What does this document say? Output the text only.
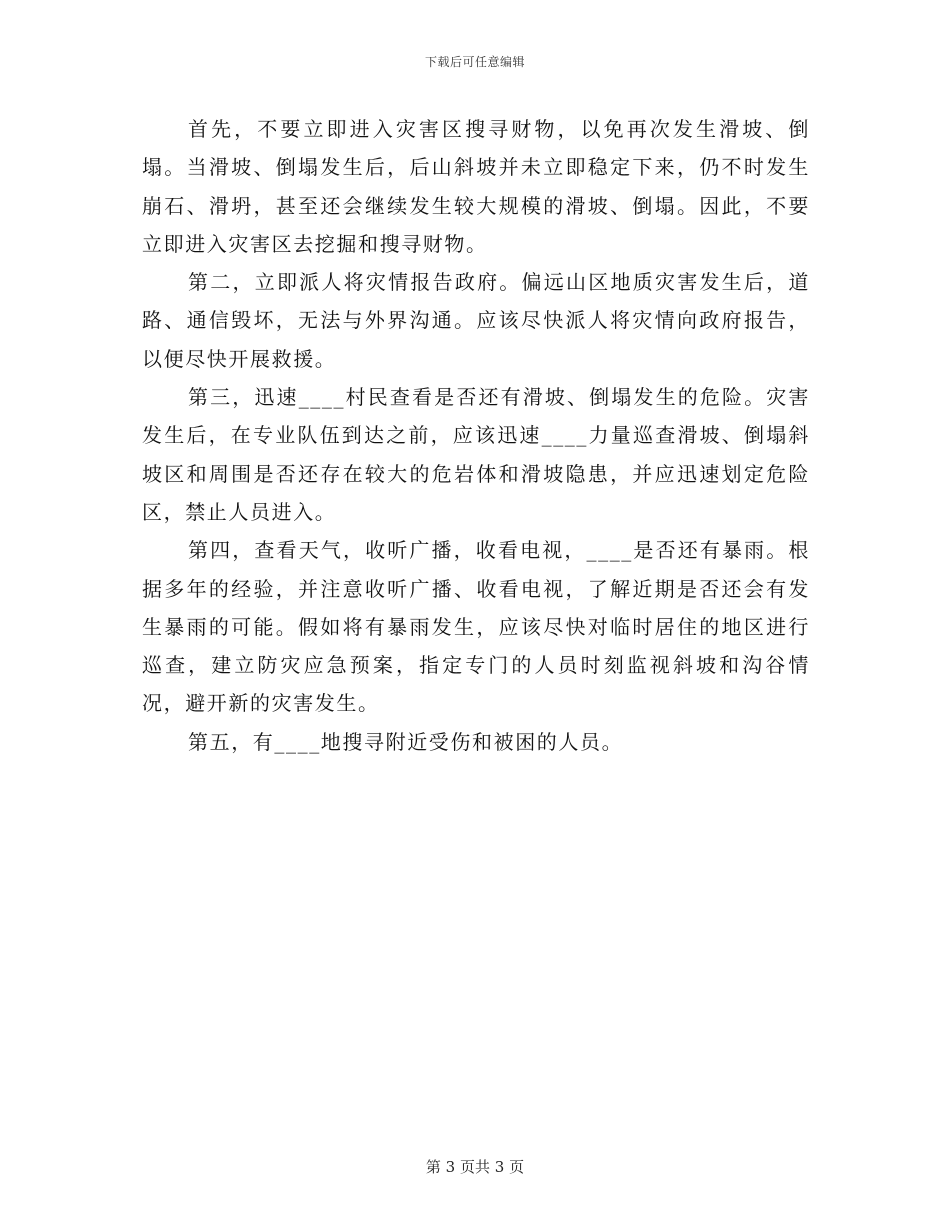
下载后可任意编辑

首先，不要立即进入灾害区搜寻财物，以免再次发生滑坡、倒塌。当滑坡、倒塌发生后，后山斜坡并未立即稳定下来，仍不时发生崩石、滑坍，甚至还会继续发生较大规模的滑坡、倒塌。因此，不要立即进入灾害区去挖掘和搜寻财物。

第二，立即派人将灾情报告政府。偏远山区地质灾害发生后，道路、通信毁坏，无法与外界沟通。应该尽快派人将灾情向政府报告，以便尽快开展救援。

第三，迅速____村民查看是否还有滑坡、倒塌发生的危险。灾害发生后，在专业队伍到达之前，应该迅速____力量巡查滑坡、倒塌斜坡区和周围是否还存在较大的危岩体和滑坡隐患，并应迅速划定危险区，禁止人员进入。

第四，查看天气，收听广播，收看电视，____是否还有暴雨。根据多年的经验，并注意收听广播、收看电视，了解近期是否还会有发生暴雨的可能。假如将有暴雨发生，应该尽快对临时居住的地区进行巡查，建立防灾应急预案，指定专门的人员时刻监视斜坡和沟谷情况，避开新的灾害发生。

第五，有____地搜寻附近受伤和被困的人员。

第 3 页共 3 页
